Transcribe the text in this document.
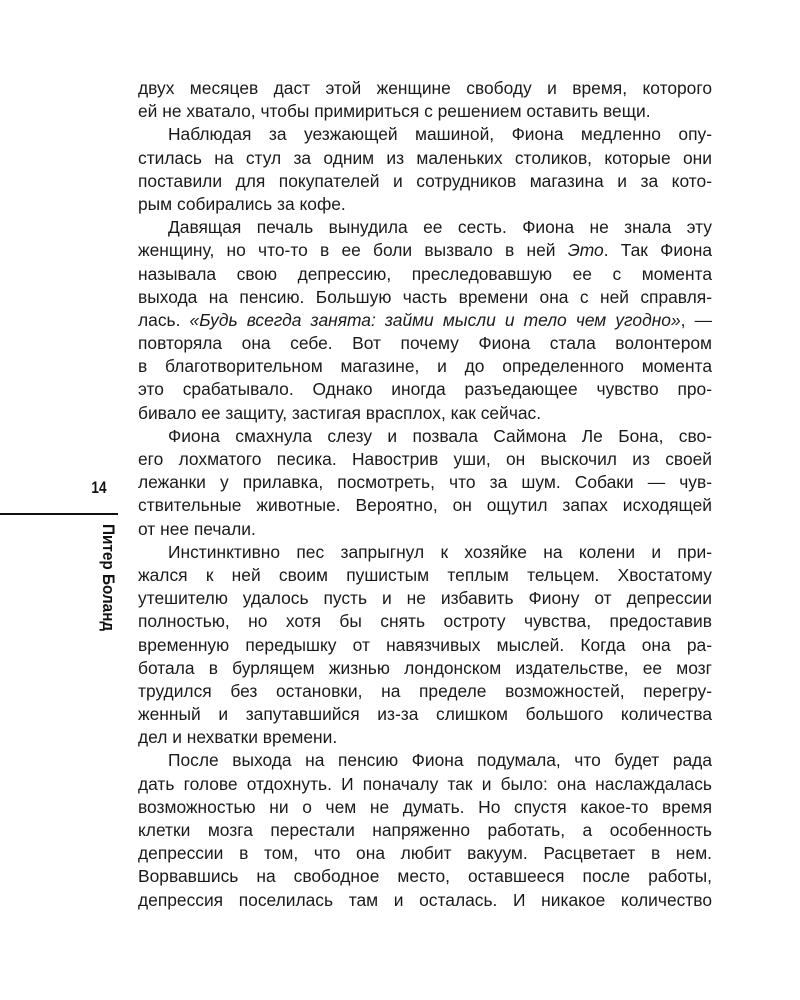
14
Питер Боланд
двух месяцев даст этой женщине свободу и время, которого
ей не хватало, чтобы примириться с решением оставить вещи.
Наблюдая за уезжающей машиной, Фиона медленно опу-
стилась на стул за одним из маленьких столиков, которые они
поставили для покупателей и сотрудников магазина и за кото-
рым собирались за кофе.
Давящая печаль вынудила ее сесть. Фиона не знала эту
женщину, но что-то в ее боли вызвало в ней Это. Так Фиона
называла свою депрессию, преследовавшую ее с момента
выхода на пенсию. Большую часть времени она с ней справля-
лась. «Будь всегда занята: займи мысли и тело чем угодно», —
повторяла она себе. Вот почему Фиона стала волонтером
в благотворительном магазине, и до определенного момента
это срабатывало. Однако иногда разъедающее чувство про-
бивало ее защиту, застигая врасплох, как сейчас.
Фиона смахнула слезу и позвала Саймона Ле Бона, сво-
его лохматого песика. Навострив уши, он выскочил из своей
лежанки у прилавка, посмотреть, что за шум. Собаки — чув-
ствительные животные. Вероятно, он ощутил запах исходящей
от нее печали.
Инстинктивно пес запрыгнул к хозяйке на колени и при-
жался к ней своим пушистым теплым тельцем. Хвостатому
утешителю удалось пусть и не избавить Фиону от депрессии
полностью, но хотя бы снять остроту чувства, предоставив
временную передышку от навязчивых мыслей. Когда она ра-
ботала в бурлящем жизнью лондонском издательстве, ее мозг
трудился без остановки, на пределе возможностей, перегру-
женный и запутавшийся из-за слишком большого количества
дел и нехватки времени.
После выхода на пенсию Фиона подумала, что будет рада
дать голове отдохнуть. И поначалу так и было: она наслаждалась
возможностью ни о чем не думать. Но спустя какое-то время
клетки мозга перестали напряженно работать, а особенность
депрессии в том, что она любит вакуум. Расцветает в нем.
Ворвавшись на свободное место, оставшееся после работы,
депрессия поселилась там и осталась. И никакое количество
